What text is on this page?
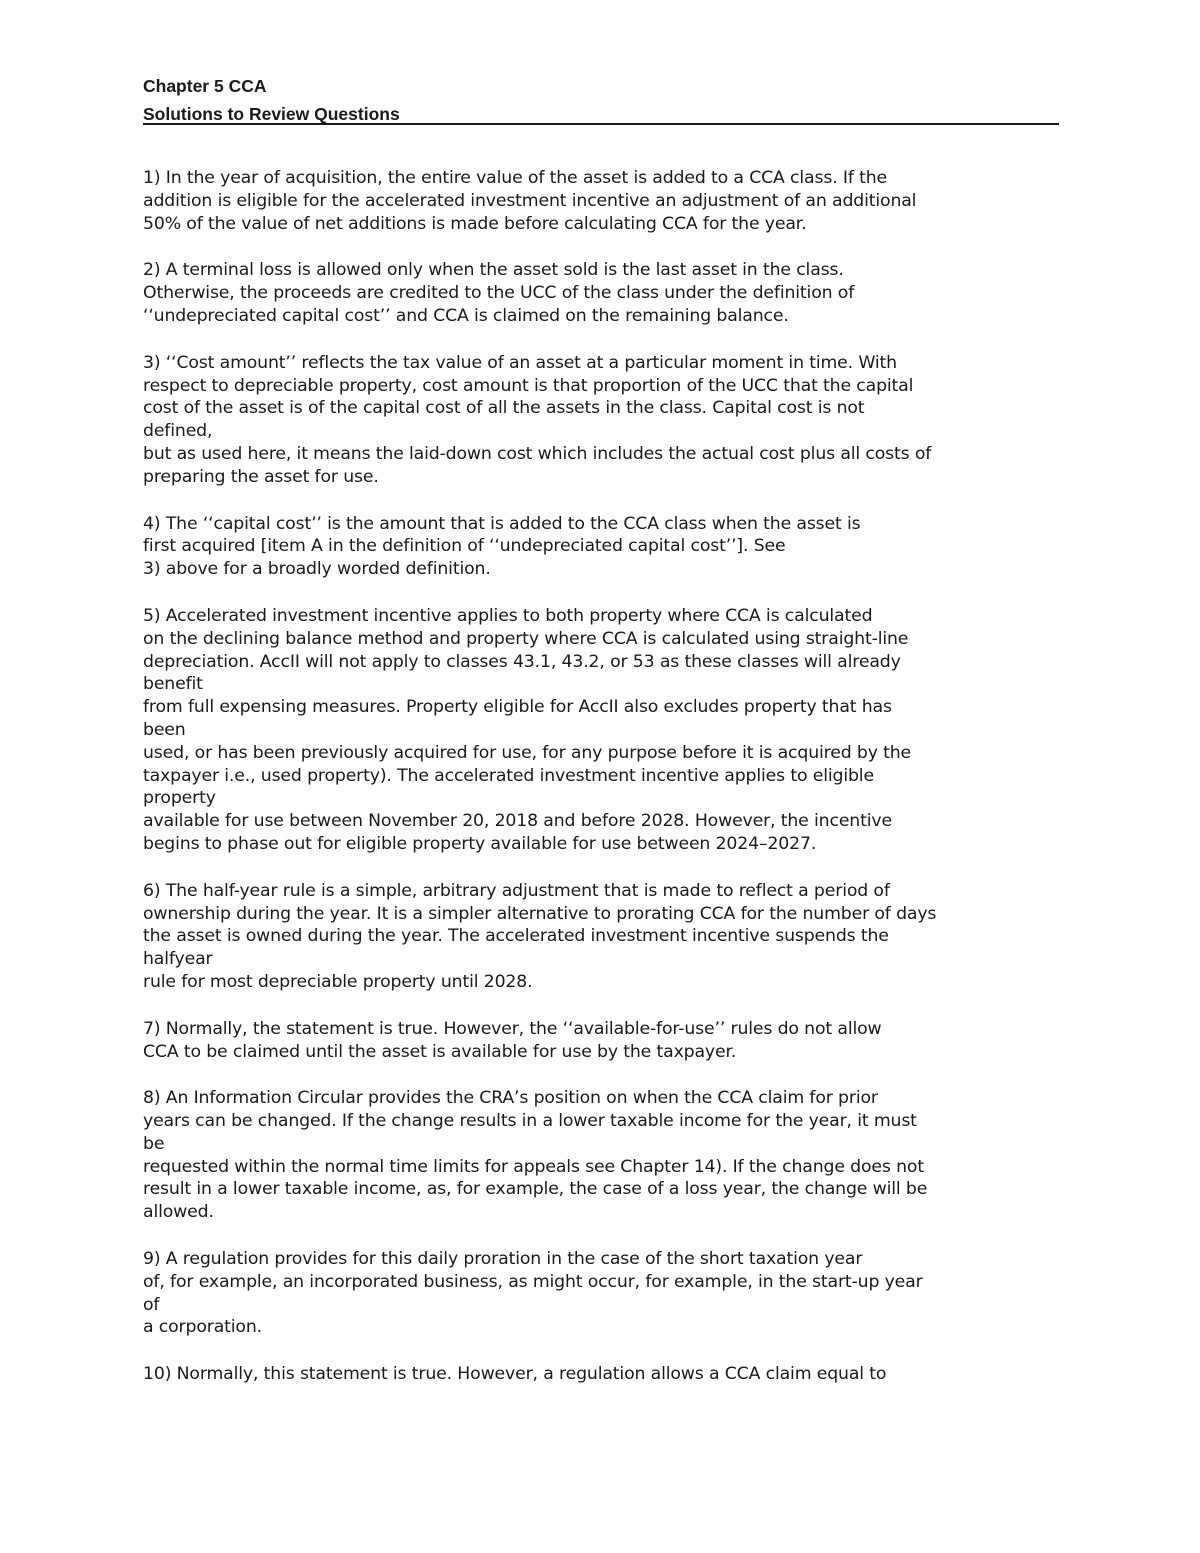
Chapter 5 CCA
Solutions to Review Questions
1) In the year of acquisition, the entire value of the asset is added to a CCA class. If the
addition is eligible for the accelerated investment incentive an adjustment of an additional
50% of the value of net additions is made before calculating CCA for the year.
2) A terminal loss is allowed only when the asset sold is the last asset in the class.
Otherwise, the proceeds are credited to the UCC of the class under the definition of
‘‘undepreciated capital cost’’ and CCA is claimed on the remaining balance.
3) ‘‘Cost amount’’ reflects the tax value of an asset at a particular moment in time. With
respect to depreciable property, cost amount is that proportion of the UCC that the capital
cost of the asset is of the capital cost of all the assets in the class. Capital cost is not
defined,
but as used here, it means the laid-down cost which includes the actual cost plus all costs of
preparing the asset for use.
4) The ‘‘capital cost’’ is the amount that is added to the CCA class when the asset is
first acquired [item A in the definition of ‘‘undepreciated capital cost’’]. See
3) above for a broadly worded definition.
5) Accelerated investment incentive applies to both property where CCA is calculated
on the declining balance method and property where CCA is calculated using straight-line
depreciation. AccII will not apply to classes 43.1, 43.2, or 53 as these classes will already
benefit
from full expensing measures. Property eligible for AccII also excludes property that has
been
used, or has been previously acquired for use, for any purpose before it is acquired by the
taxpayer i.e., used property). The accelerated investment incentive applies to eligible
property
available for use between November 20, 2018 and before 2028. However, the incentive
begins to phase out for eligible property available for use between 2024–2027.
6) The half-year rule is a simple, arbitrary adjustment that is made to reflect a period of
ownership during the year. It is a simpler alternative to prorating CCA for the number of days
the asset is owned during the year. The accelerated investment incentive suspends the
halfyear
rule for most depreciable property until 2028.
7) Normally, the statement is true. However, the ‘‘available-for-use’’ rules do not allow
CCA to be claimed until the asset is available for use by the taxpayer.
8) An Information Circular provides the CRA’s position on when the CCA claim for prior
years can be changed. If the change results in a lower taxable income for the year, it must
be
requested within the normal time limits for appeals see Chapter 14). If the change does not
result in a lower taxable income, as, for example, the case of a loss year, the change will be
allowed.
9) A regulation provides for this daily proration in the case of the short taxation year
of, for example, an incorporated business, as might occur, for example, in the start-up year
of
a corporation.
10) Normally, this statement is true. However, a regulation allows a CCA claim equal to
